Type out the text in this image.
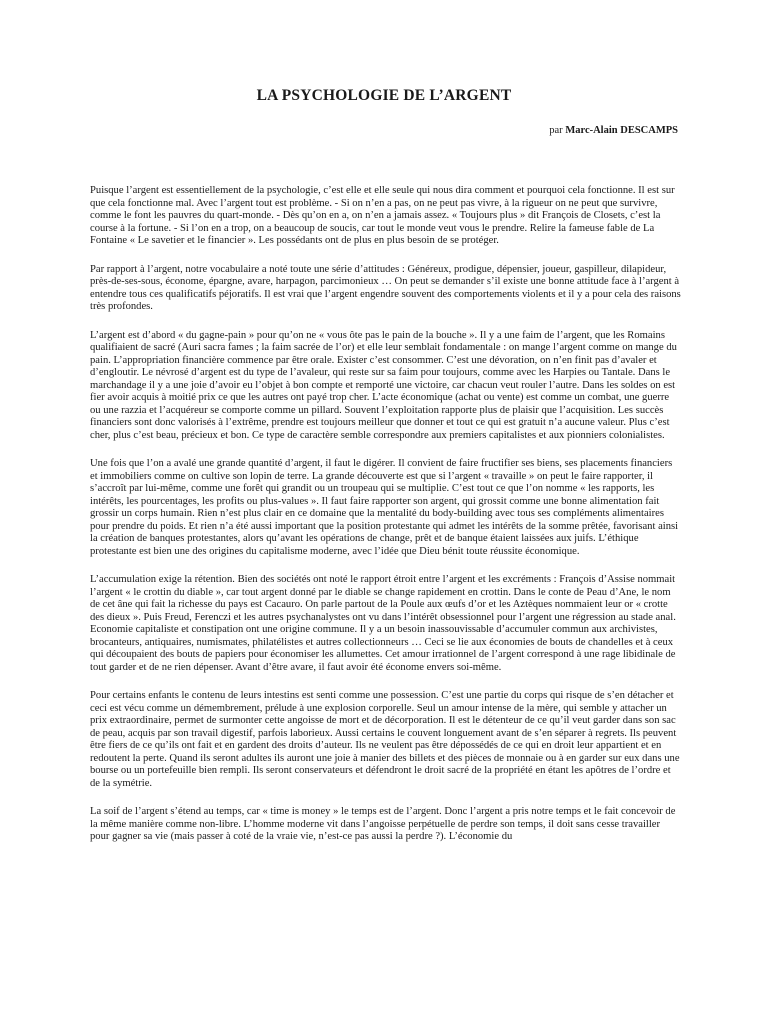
LA PSYCHOLOGIE DE L’ARGENT

par Marc-Alain DESCAMPS

Puisque l’argent est essentiellement de la psychologie, c’est elle et elle seule qui nous dira comment et pourquoi cela fonctionne. Il est sur que cela fonctionne mal. Avec l’argent tout est problème. - Si on n’en a pas, on ne peut pas vivre, à la rigueur on ne peut que survivre, comme le font les pauvres du quart-monde. - Dès qu’on en a, on n’en a jamais assez. « Toujours plus » dit François de Closets, c’est la course à la fortune. - Si l’on en a trop, on a beaucoup de soucis, car tout le monde veut vous le prendre. Relire la fameuse fable de La Fontaine « Le savetier et le financier ». Les possédants ont de plus en plus besoin de se protéger.

Par rapport à l’argent, notre vocabulaire a noté toute une série d’attitudes : Généreux, prodigue, dépensier, joueur, gaspilleur, dilapideur, près-de-ses-sous, économe, épargne, avare, harpagon, parcimonieux … On peut se demander s’il existe une bonne attitude face à l’argent à entendre tous ces qualificatifs péjoratifs. Il est vrai que l’argent engendre souvent des comportements violents et il y a pour cela des raisons très profondes.

L’argent est d’abord « du gagne-pain » pour qu’on ne « vous ôte pas le pain de la bouche ». Il y a une faim de l’argent, que les Romains qualifiaient de sacré (Auri sacra fames ; la faim sacrée de l’or) et elle leur semblait fondamentale : on mange l’argent comme on mange du pain. L’appropriation financière commence par être orale. Exister c’est consommer. C’est une dévoration, on n’en finit pas d’avaler et d’engloutir. Le névrosé d’argent est du type de l’avaleur, qui reste sur sa faim pour toujours, comme avec les Harpies ou Tantale. Dans le marchandage il y a une joie d’avoir eu l’objet à bon compte et remporté une victoire, car chacun veut rouler l’autre. Dans les soldes on est fier avoir acquis à moitié prix ce que les autres ont payé trop cher. L’acte économique (achat ou vente) est comme un combat, une guerre ou une razzia et l’acquéreur se comporte comme un pillard. Souvent l’exploitation rapporte plus de plaisir que l’acquisition. Les succès financiers sont donc valorisés à l’extrême, prendre est toujours meilleur que donner et tout ce qui est gratuit n’a aucune valeur. Plus c’est cher, plus c’est beau, précieux et bon. Ce type de caractère semble correspondre aux premiers capitalistes et aux pionniers colonialistes.

Une fois que l’on a avalé une grande quantité d’argent, il faut le digérer. Il convient de faire fructifier ses biens, ses placements financiers et immobiliers comme on cultive son lopin de terre. La grande découverte est que si l’argent « travaille » on peut le faire rapporter, il s’accroît par lui-même, comme une forêt qui grandit ou un troupeau qui se multiplie. C’est tout ce que l’on nomme « les rapports, les intérêts, les pourcentages, les profits ou plus-values ». Il faut faire rapporter son argent, qui grossit comme une bonne alimentation fait grossir un corps humain. Rien n’est plus clair en ce domaine que la mentalité du body-building avec tous ses compléments alimentaires pour prendre du poids. Et rien n’a été aussi important que la position protestante qui admet les intérêts de la somme prêtée, favorisant ainsi la création de banques protestantes, alors qu’avant les opérations de change, prêt et de banque étaient laissées aux juifs. L’éthique protestante est bien une des origines du capitalisme moderne, avec l’idée que Dieu bénit toute réussite économique.

L’accumulation exige la rétention. Bien des sociétés ont noté le rapport étroit entre l’argent et les excréments : François d’Assise nommait l’argent « le crottin du diable », car tout argent donné par le diable se change rapidement en crottin. Dans le conte de Peau d’Ane, le nom de cet âne qui fait la richesse du pays est Cacauro. On parle partout de la Poule aux œufs d’or et les Aztèques nommaient leur or « crotte des dieux ». Puis Freud, Ferenczi et les autres psychanalystes ont vu dans l’intérêt obsessionnel pour l’argent une régression au stade anal. Economie capitaliste et constipation ont une origine commune. Il y a un besoin inassouvissable d’accumuler commun aux archivistes, brocanteurs, antiquaires, numismates, philatélistes et autres collectionneurs … Ceci se lie aux économies de bouts de chandelles et à ceux qui découpaient des bouts de papiers pour économiser les allumettes. Cet amour irrationnel de l’argent correspond à une rage libidinale de tout garder et de ne rien dépenser. Avant d’être avare, il faut avoir été économe envers soi-même.

Pour certains enfants le contenu de leurs intestins est senti comme une possession. C’est une partie du corps qui risque de s’en détacher et ceci est vécu comme un démembrement, prélude à une explosion corporelle. Seul un amour intense de la mère, qui semble y attacher un prix extraordinaire, permet de surmonter cette angoisse de mort et de décorporation. Il est le détenteur de ce qu’il veut garder dans son sac de peau, acquis par son travail digestif, parfois laborieux. Aussi certains le couvent longuement avant de s’en séparer à regrets. Ils peuvent être fiers de ce qu’ils ont fait et en gardent des droits d’auteur. Ils ne veulent pas être dépossédés de ce qui en droit leur appartient et en redoutent la perte. Quand ils seront adultes ils auront une joie à manier des billets et des pièces de monnaie ou à en garder sur eux dans une bourse ou un portefeuille bien rempli. Ils seront conservateurs et défendront le droit sacré de la propriété en étant les apôtres de l’ordre et de la symétrie.

La soif de l’argent s’étend au temps, car « time is money » le temps est de l’argent. Donc l’argent a pris notre temps et le fait concevoir de la même manière comme non-libre. L’homme moderne vit dans l’angoisse perpétuelle de perdre son temps, il doit sans cesse travailler pour gagner sa vie (mais passer à coté de la vraie vie, n’est-ce pas aussi la perdre ?). L’économie du
